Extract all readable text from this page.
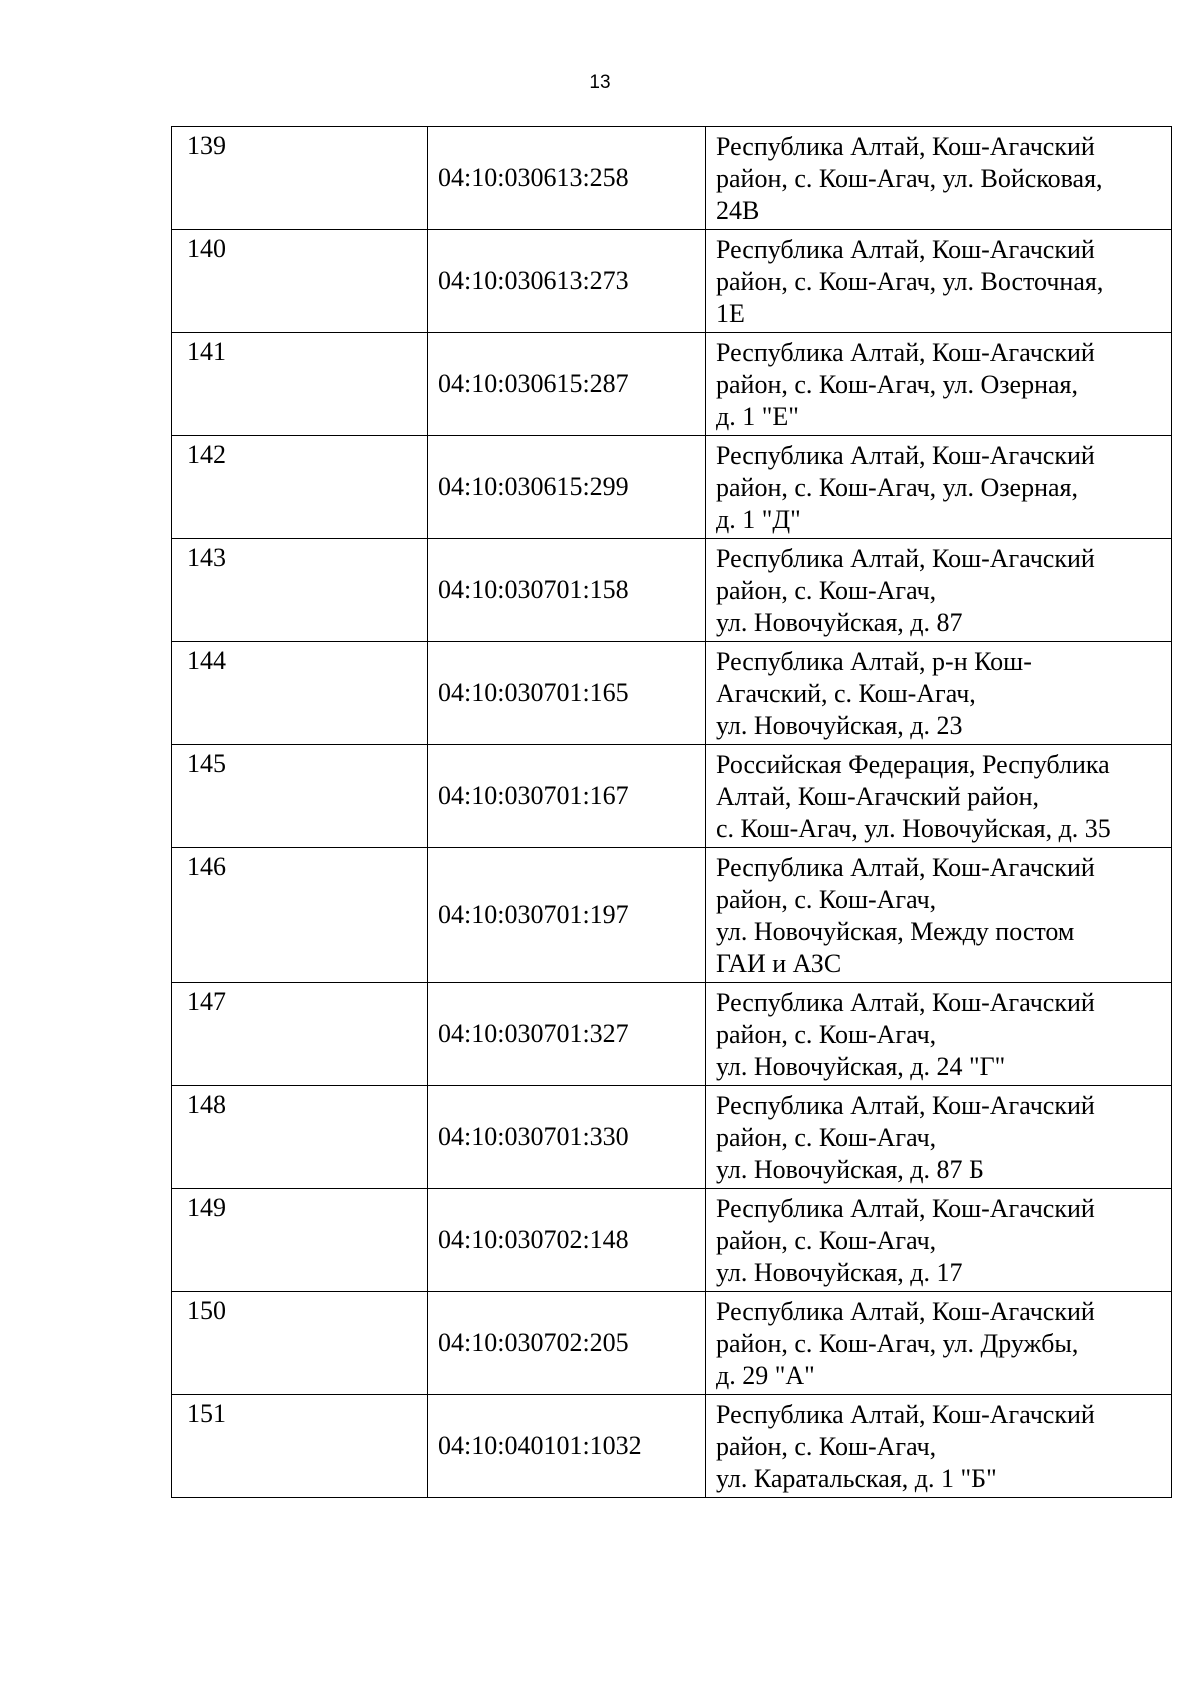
13
139	04:10:030613:258	Республика Алтай, Кош-Агачский
район, с. Кош-Агач, ул. Войсковая,
24В

140	04:10:030613:273	Республика Алтай, Кош-Агачский
район, с. Кош-Агач, ул. Восточная,
1Е

141	04:10:030615:287	Республика Алтай, Кош-Агачский
район, с. Кош-Агач, ул. Озерная,
д. 1 "Е"

142	04:10:030615:299	Республика Алтай, Кош-Агачский
район, с. Кош-Агач, ул. Озерная,
д. 1 "Д"

143	04:10:030701:158	Республика Алтай, Кош-Агачский
район, с. Кош-Агач,
ул. Новочуйская, д. 87

144	04:10:030701:165	Республика Алтай, р-н Кош-
Агачский, с. Кош-Агач,
ул. Новочуйская, д. 23

145	04:10:030701:167	Российская Федерация, Республика
Алтай, Кош-Агачский район,
с. Кош-Агач, ул. Новочуйская, д. 35

146	04:10:030701:197	Республика Алтай, Кош-Агачский
район, с. Кош-Агач,
ул. Новочуйская, Между постом
ГАИ и АЗС

147	04:10:030701:327	Республика Алтай, Кош-Агачский
район, с. Кош-Агач,
ул. Новочуйская, д. 24 "Г"

148	04:10:030701:330	Республика Алтай, Кош-Агачский
район, с. Кош-Агач,
ул. Новочуйская, д. 87 Б

149	04:10:030702:148	Республика Алтай, Кош-Агачский
район, с. Кош-Агач,
ул. Новочуйская, д. 17

150	04:10:030702:205	Республика Алтай, Кош-Агачский
район, с. Кош-Агач, ул. Дружбы,
д. 29 "А"

151	04:10:040101:1032	Республика Алтай, Кош-Агачский
район, с. Кош-Агач,
ул. Каратальская, д. 1 "Б"
